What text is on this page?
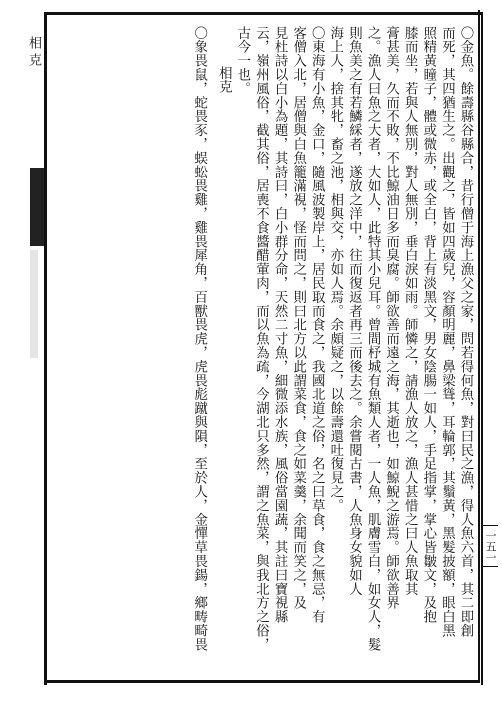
相克
一五一
〇金魚。餘壽縣谷縣合，昔行僧于海上漁父之家，問若得何魚，對曰民之漁，得人魚六首，其二即創
而死，其四猶生之。出觀之，皆如四歲兒，容顏明麗，鼻梁聳，耳輪郭，其鬚黃，黑髮披額，眼白黑
照精黃瞳子，體或微赤，或全白，背上有淡黑文，男女陰腸一如人，手足指掌，掌心皆皺文，及抱
膝而坐，若與人無別，對人無別，垂白淚如雨。師憐之，請漁人放之，漁人甚惜之曰人魚取其
膏甚美，久而不敗，不比鯨油日多而臭腐。師欲善而遠之海，其逝也，如鯨鯢之游焉。師欲善界
之。漁人曰魚之大者，大如人，此特其小兒耳。曾間杼城有魚類人者，一人魚，肌膚雪白，如女人，髮
則魚美之有若鱗綵者，遂放之洋中，往而復返者再三而後去之。余嘗閱古書，人魚身女貌如人
海上人，捨其牝，畜之池，相與交，亦如人焉。余頗疑之，以餘壽還吐復見之。
〇東海有小魚，金口，隨風波製岸上，居民取而食之，我國北道之俗，名之曰草食，食之無忌，有
客僧入北，居僧與白魚籠滿視，怪而問之，則曰北方以此謂菜食，食之如菜羹，余聞而笑之，及
見杜詩以白小為題，其詩曰，白小群分命，天然二寸魚，細微添水族，風俗當園蔬，其註曰寶視縣
云，嶺州風俗，截其俗，居喪不食醬醋葷肉，而以魚為疏，今湖北只多然，謂之魚菜，與我北方之俗，
古今一也。
相克
〇象畏鼠，蛇畏豕，蜈蚣畏雞，雞畏犀角，百獸畏虎，虎畏彪蹴與隕，至於人，金憚草畏鍚，鄉畴畸畏
